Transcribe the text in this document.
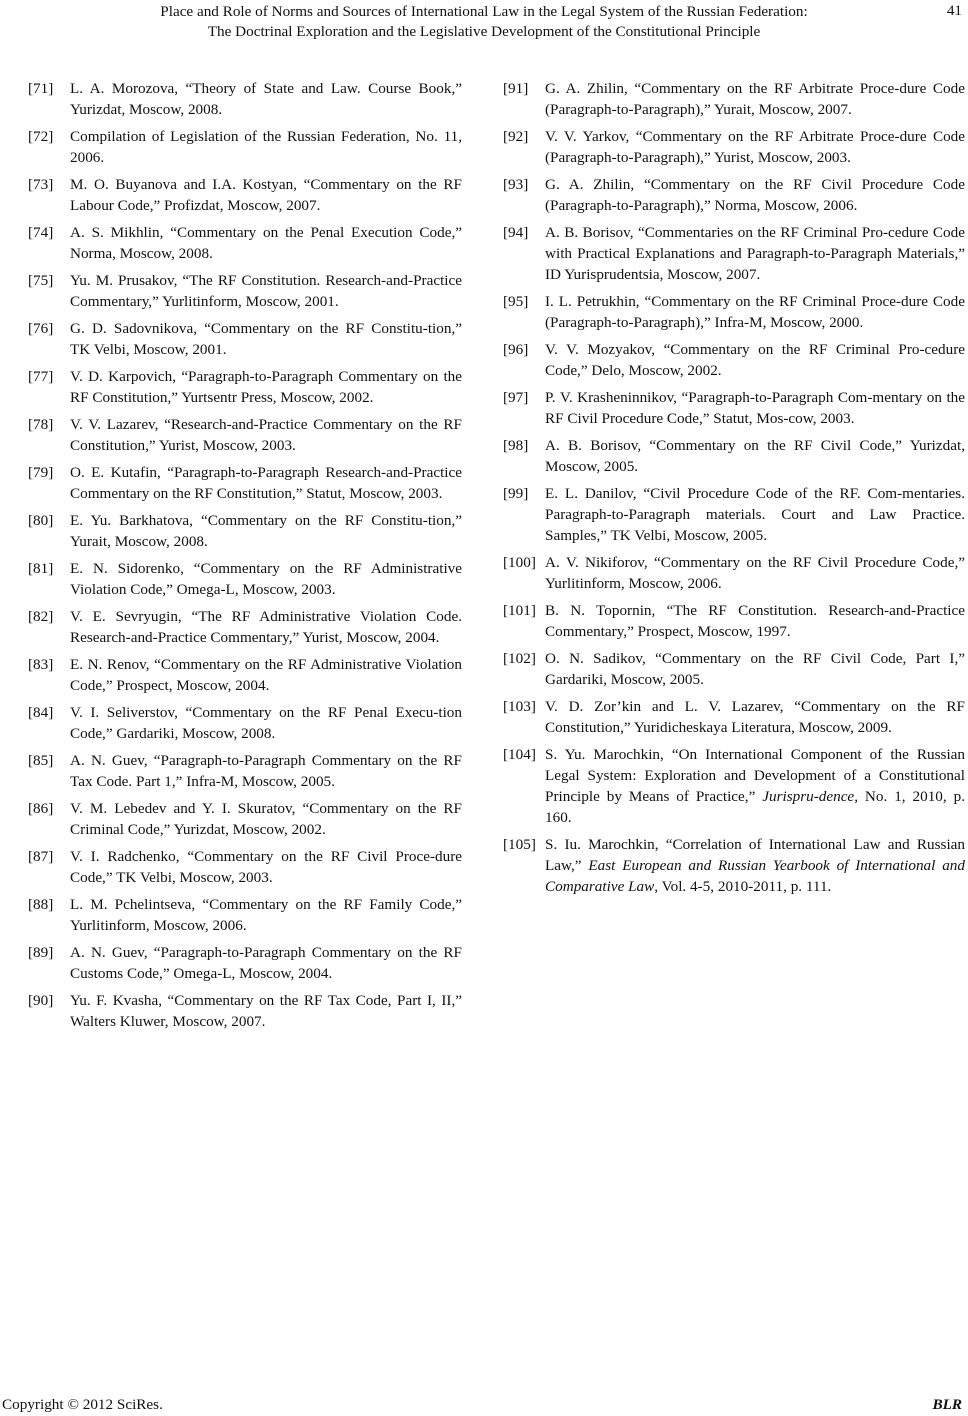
Place and Role of Norms and Sources of International Law in the Legal System of the Russian Federation:
The Doctrinal Exploration and the Legislative Development of the Constitutional Principle
41
[71] L. A. Morozova, “Theory of State and Law. Course Book,” Yurizdat, Moscow, 2008.
[72] Compilation of Legislation of the Russian Federation, No. 11, 2006.
[73] M. O. Buyanova and I.A. Kostyan, “Commentary on the RF Labour Code,” Profizdat, Moscow, 2007.
[74] A. S. Mikhlin, “Commentary on the Penal Execution Code,” Norma, Moscow, 2008.
[75] Yu. M. Prusakov, “The RF Constitution. Research-and-Practice Commentary,” Yurlitinform, Moscow, 2001.
[76] G. D. Sadovnikova, “Commentary on the RF Constitu-tion,” TK Velbi, Moscow, 2001.
[77] V. D. Karpovich, “Paragraph-to-Paragraph Commentary on the RF Constitution,” Yurtsentr Press, Moscow, 2002.
[78] V. V. Lazarev, “Research-and-Practice Commentary on the RF Constitution,” Yurist, Moscow, 2003.
[79] O. E. Kutafin, “Paragraph-to-Paragraph Research-and-Practice Commentary on the RF Constitution,” Statut, Moscow, 2003.
[80] E. Yu. Barkhatova, “Commentary on the RF Constitu-tion,” Yurait, Moscow, 2008.
[81] E. N. Sidorenko, “Commentary on the RF Administrative Violation Code,” Omega-L, Moscow, 2003.
[82] V. E. Sevryugin, “The RF Administrative Violation Code. Research-and-Practice Commentary,” Yurist, Moscow, 2004.
[83] E. N. Renov, “Commentary on the RF Administrative Violation Code,” Prospect, Moscow, 2004.
[84] V. I. Seliverstov, “Commentary on the RF Penal Execu-tion Code,” Gardariki, Moscow, 2008.
[85] A. N. Guev, “Paragraph-to-Paragraph Commentary on the RF Tax Code. Part 1,” Infra-M, Moscow, 2005.
[86] V. M. Lebedev and Y. I. Skuratov, “Commentary on the RF Criminal Code,” Yurizdat, Moscow, 2002.
[87] V. I. Radchenko, “Commentary on the RF Civil Proce-dure Code,” TK Velbi, Moscow, 2003.
[88] L. M. Pchelintseva, “Commentary on the RF Family Code,” Yurlitinform, Moscow, 2006.
[89] A. N. Guev, “Paragraph-to-Paragraph Commentary on the RF Customs Code,” Omega-L, Moscow, 2004.
[90] Yu. F. Kvasha, “Commentary on the RF Tax Code, Part I, II,” Walters Kluwer, Moscow, 2007.
[91] G. A. Zhilin, “Commentary on the RF Arbitrate Proce-dure Code (Paragraph-to-Paragraph),” Yurait, Moscow, 2007.
[92] V. V. Yarkov, “Commentary on the RF Arbitrate Proce-dure Code (Paragraph-to-Paragraph),” Yurist, Moscow, 2003.
[93] G. A. Zhilin, “Commentary on the RF Civil Procedure Code (Paragraph-to-Paragraph),” Norma, Moscow, 2006.
[94] A. B. Borisov, “Commentaries on the RF Criminal Pro-cedure Code with Practical Explanations and Paragraph-to-Paragraph Materials,” ID Yurisprudentsia, Moscow, 2007.
[95] I. L. Petrukhin, “Commentary on the RF Criminal Proce-dure Code (Paragraph-to-Paragraph),” Infra-M, Moscow, 2000.
[96] V. V. Mozyakov, “Commentary on the RF Criminal Pro-cedure Code,” Delo, Moscow, 2002.
[97] P. V. Krasheninnikov, “Paragraph-to-Paragraph Com-mentary on the RF Civil Procedure Code,” Statut, Mos-cow, 2003.
[98] A. B. Borisov, “Commentary on the RF Civil Code,” Yurizdat, Moscow, 2005.
[99] E. L. Danilov, “Civil Procedure Code of the RF. Com-mentaries. Paragraph-to-Paragraph materials. Court and Law Practice. Samples,” TK Velbi, Moscow, 2005.
[100] A. V. Nikiforov, “Commentary on the RF Civil Procedure Code,” Yurlitinform, Moscow, 2006.
[101] B. N. Topornin, “The RF Constitution. Research-and-Practice Commentary,” Prospect, Moscow, 1997.
[102] O. N. Sadikov, “Commentary on the RF Civil Code, Part I,” Gardariki, Moscow, 2005.
[103] V. D. Zor’kin and L. V. Lazarev, “Commentary on the RF Constitution,” Yuridicheskaya Literatura, Moscow, 2009.
[104] S. Yu. Marochkin, “On International Component of the Russian Legal System: Exploration and Development of a Constitutional Principle by Means of Practice,” Jurispru-dence, No. 1, 2010, p. 160.
[105] S. Iu. Marochkin, “Correlation of International Law and Russian Law,” East European and Russian Yearbook of International and Comparative Law, Vol. 4-5, 2010-2011, p. 111.
Copyright © 2012 SciRes.	BLR
